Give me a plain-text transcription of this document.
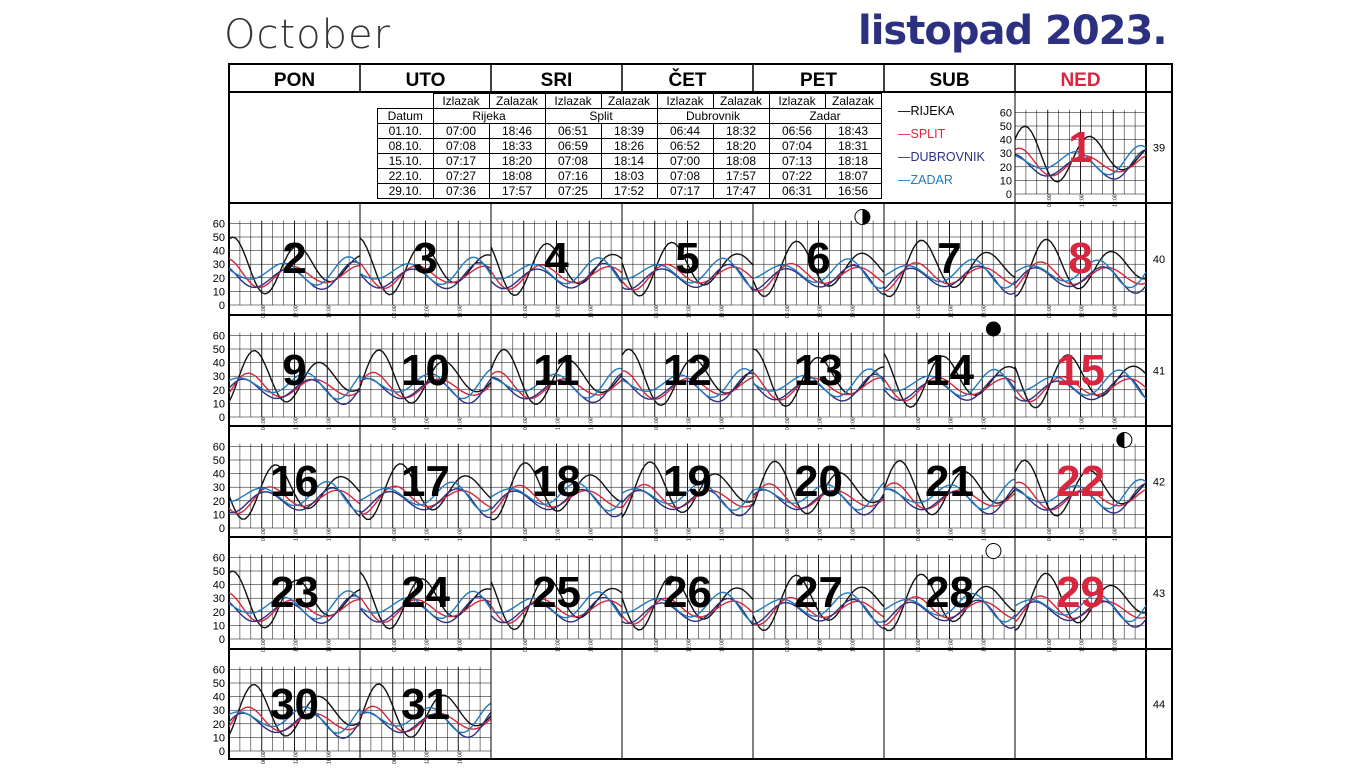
October	listopad 2023.
PON	UTO	SRI	ČET	PET	SUB	NED
39
0
10
20
30
40
50
60
06:00	12:00	18:00
1
40
0
10
20
30
40
50
60
06:00	12:00	18:00
2
06:00	12:00	18:00
3
06:00	12:00	18:00
4
06:00	12:00	18:00
5
06:00	12:00	18:00
6
06:00	12:00	18:00
7
06:00	12:00	18:00
8
41
0
10
20
30
40
50
60
06:00	12:00	18:00
9
06:00	12:00	18:00
10
06:00	12:00	18:00
11
06:00	12:00	18:00
12
06:00	12:00	18:00
13
06:00	12:00	18:00
14
06:00	12:00	18:00
15
42
0
10
20
30
40
50
60
06:00	12:00	18:00
16
06:00	12:00	18:00
17
06:00	12:00	18:00
18
06:00	12:00	18:00
19
06:00	12:00	18:00
20
06:00	12:00	18:00
21
06:00	12:00	18:00
22
43
0
10
20
30
40
50
60
06:00	12:00	18:00
23
06:00	12:00	18:00
24
06:00	12:00	18:00
25
06:00	12:00	18:00
26
06:00	12:00	18:00
27
06:00	12:00	18:00
28
06:00	12:00	18:00
29
44
0
10
20
30
40
50
60
06:00	12:00	18:00
30
06:00	12:00	18:00
31
	Izlazak	Zalazak	Izlazak	Zalazak	Izlazak	Zalazak	Izlazak	Zalazak
Datum	Rijeka		Split		Dubrovnik		Zadar	
01.10.	07:00	18:46	06:51	18:39	06:44	18:32	06:56	18:43
08.10.	07:08	18:33	06:59	18:26	06:52	18:20	07:04	18:31
15.10.	07:17	18:20	07:08	18:14	07:00	18:08	07:13	18:18
22.10.	07:27	18:08	07:16	18:03	07:08	17:57	07:22	18:07
29.10.	07:36	17:57	07:25	17:52	07:17	17:47	06:31	16:56
—RIJEKA
—SPLIT
—DUBROVNIK
—ZADAR
